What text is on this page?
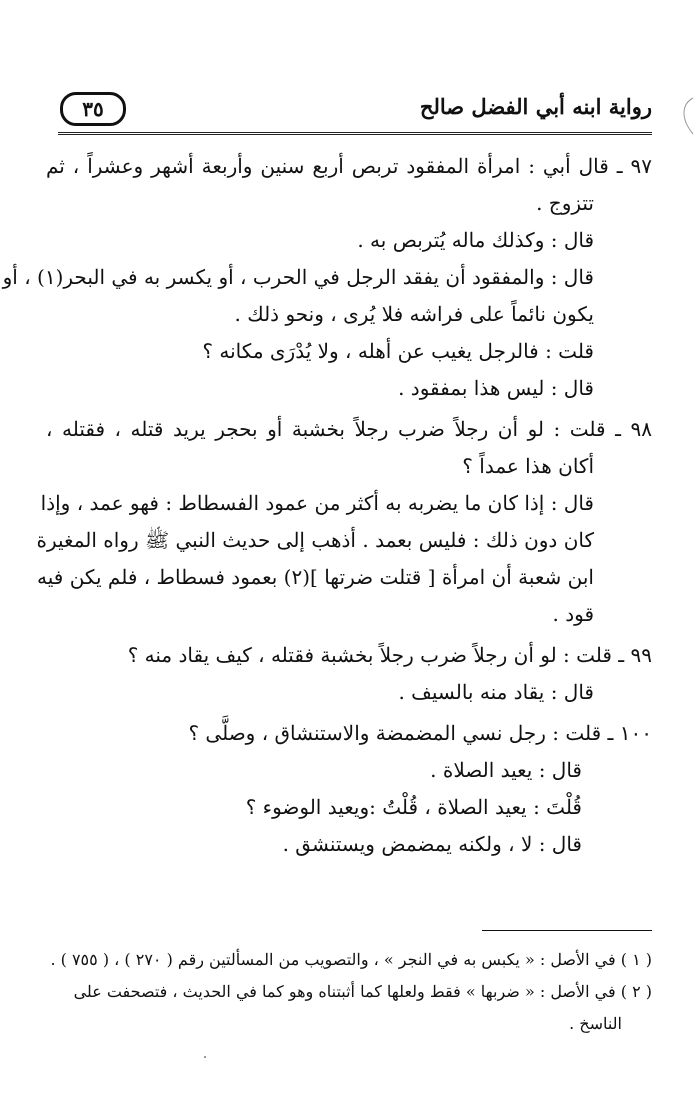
رواية ابنه أبي الفضل صالح
٣٥
٩٧ ـ قال أبي : امرأة المفقود تربص أربع سنين وأربعة أشهر وعشراً ، ثم
تتزوج .
قال : وكذلك ماله يُتربص به .
قال : والمفقود أن يفقد الرجل في الحرب ، أو يكسر به في البحر(١) ، أو
يكون نائماً على فراشه فلا يُرى ، ونحو ذلك .
قلت : فالرجل يغيب عن أهله ، ولا يُدْرَى مكانه ؟
قال : ليس هذا بمفقود .
٩٨ ـ قلت : لو أن رجلاً ضرب رجلاً بخشبة أو بحجر يريد قتله ، فقتله ،
أكان هذا عمداً ؟
قال : إذا كان ما يضربه به أكثر من عمود الفسطاط : فهو عمد ، وإذا
كان دون ذلك : فليس بعمد . أذهب إلى حديث النبي ﷺ رواه المغيرة
ابن شعبة أن امرأة [ قتلت ضرتها ](٢) بعمود فسطاط ، فلم يكن فيه
قود .
٩٩ ـ قلت : لو أن رجلاً ضرب رجلاً بخشبة فقتله ، كيف يقاد منه ؟
قال : يقاد منه بالسيف .
١٠٠ ـ قلت : رجل نسي المضمضة والاستنشاق ، وصلَّى ؟
قال : يعيد الصلاة .
قُلْتَ : يعيد الصلاة ، قُلْتُ :ويعيد الوضوء ؟
قال : لا ، ولكنه يمضمض ويستنشق .
( ١ ) في الأصل : « يكبس به في النجر » ، والتصويب من المسألتين رقم ( ٢٧٠ ) ، ( ٧٥٥ ) .
( ٢ ) في الأصل : « ضربها » فقط ولعلها كما أثبتناه وهو كما في الحديث ، فتصحفت على
الناسخ .
